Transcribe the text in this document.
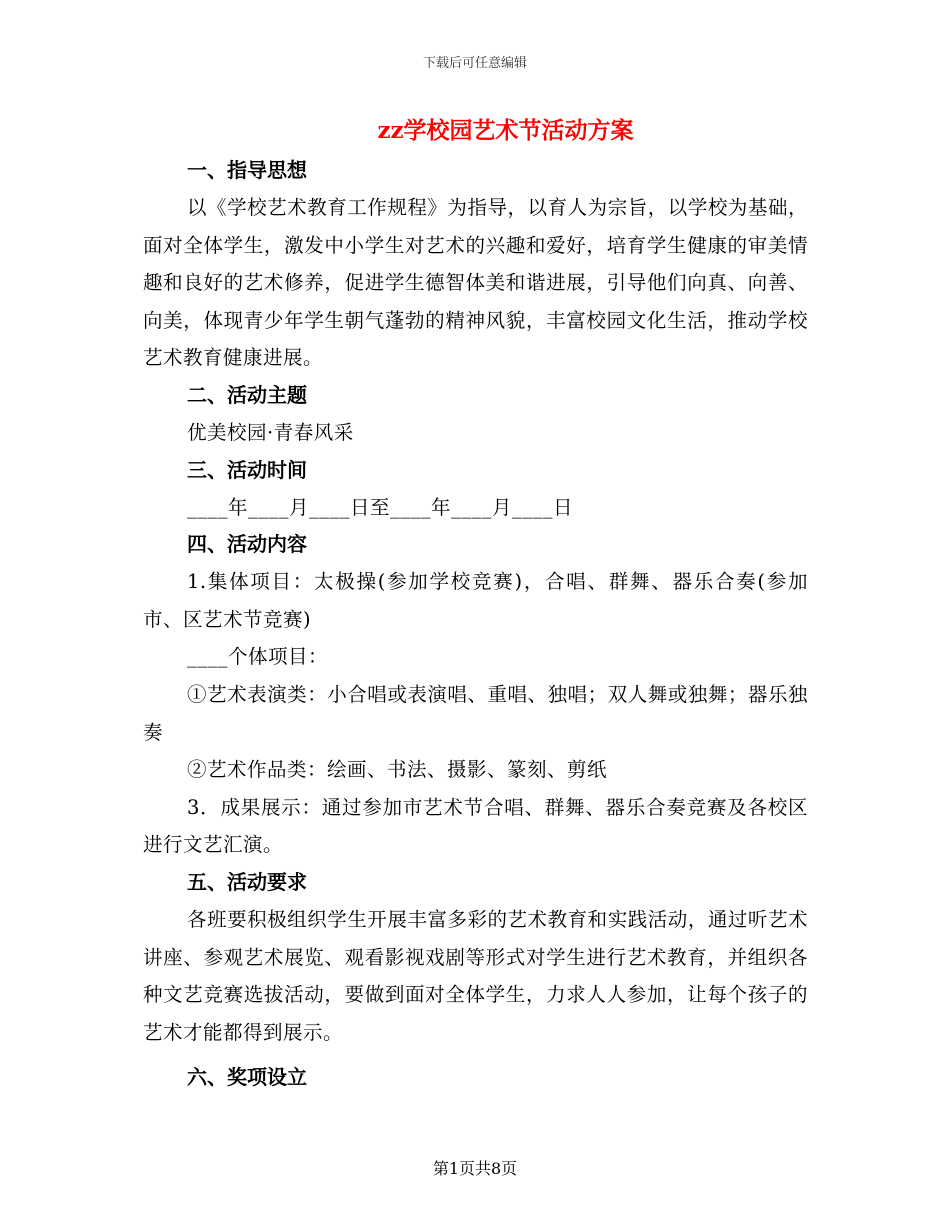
下载后可任意编辑
zz学校园艺术节活动方案

一、指导思想

以《学校艺术教育工作规程》为指导，以育人为宗旨，以学校为基础，面对全体学生，激发中小学生对艺术的兴趣和爱好，培育学生健康的审美情趣和良好的艺术修养，促进学生德智体美和谐进展，引导他们向真、向善、向美，体现青少年学生朝气蓬勃的精神风貌，丰富校园文化生活，推动学校艺术教育健康进展。

二、活动主题

优美校园·青春风采

三、活动时间

____年____月____日至____年____月____日

四、活动内容

1.集体项目：太极操(参加学校竞赛)，合唱、群舞、器乐合奏(参加市、区艺术节竞赛)

____个体项目：

①艺术表演类：小合唱或表演唱、重唱、独唱；双人舞或独舞；器乐独奏

②艺术作品类：绘画、书法、摄影、篆刻、剪纸

3．成果展示：通过参加市艺术节合唱、群舞、器乐合奏竞赛及各校区进行文艺汇演。

五、活动要求

各班要积极组织学生开展丰富多彩的艺术教育和实践活动，通过听艺术讲座、参观艺术展览、观看影视戏剧等形式对学生进行艺术教育，并组织各种文艺竞赛选拔活动，要做到面对全体学生，力求人人参加，让每个孩子的艺术才能都得到展示。

六、奖项设立

第1页共8页
